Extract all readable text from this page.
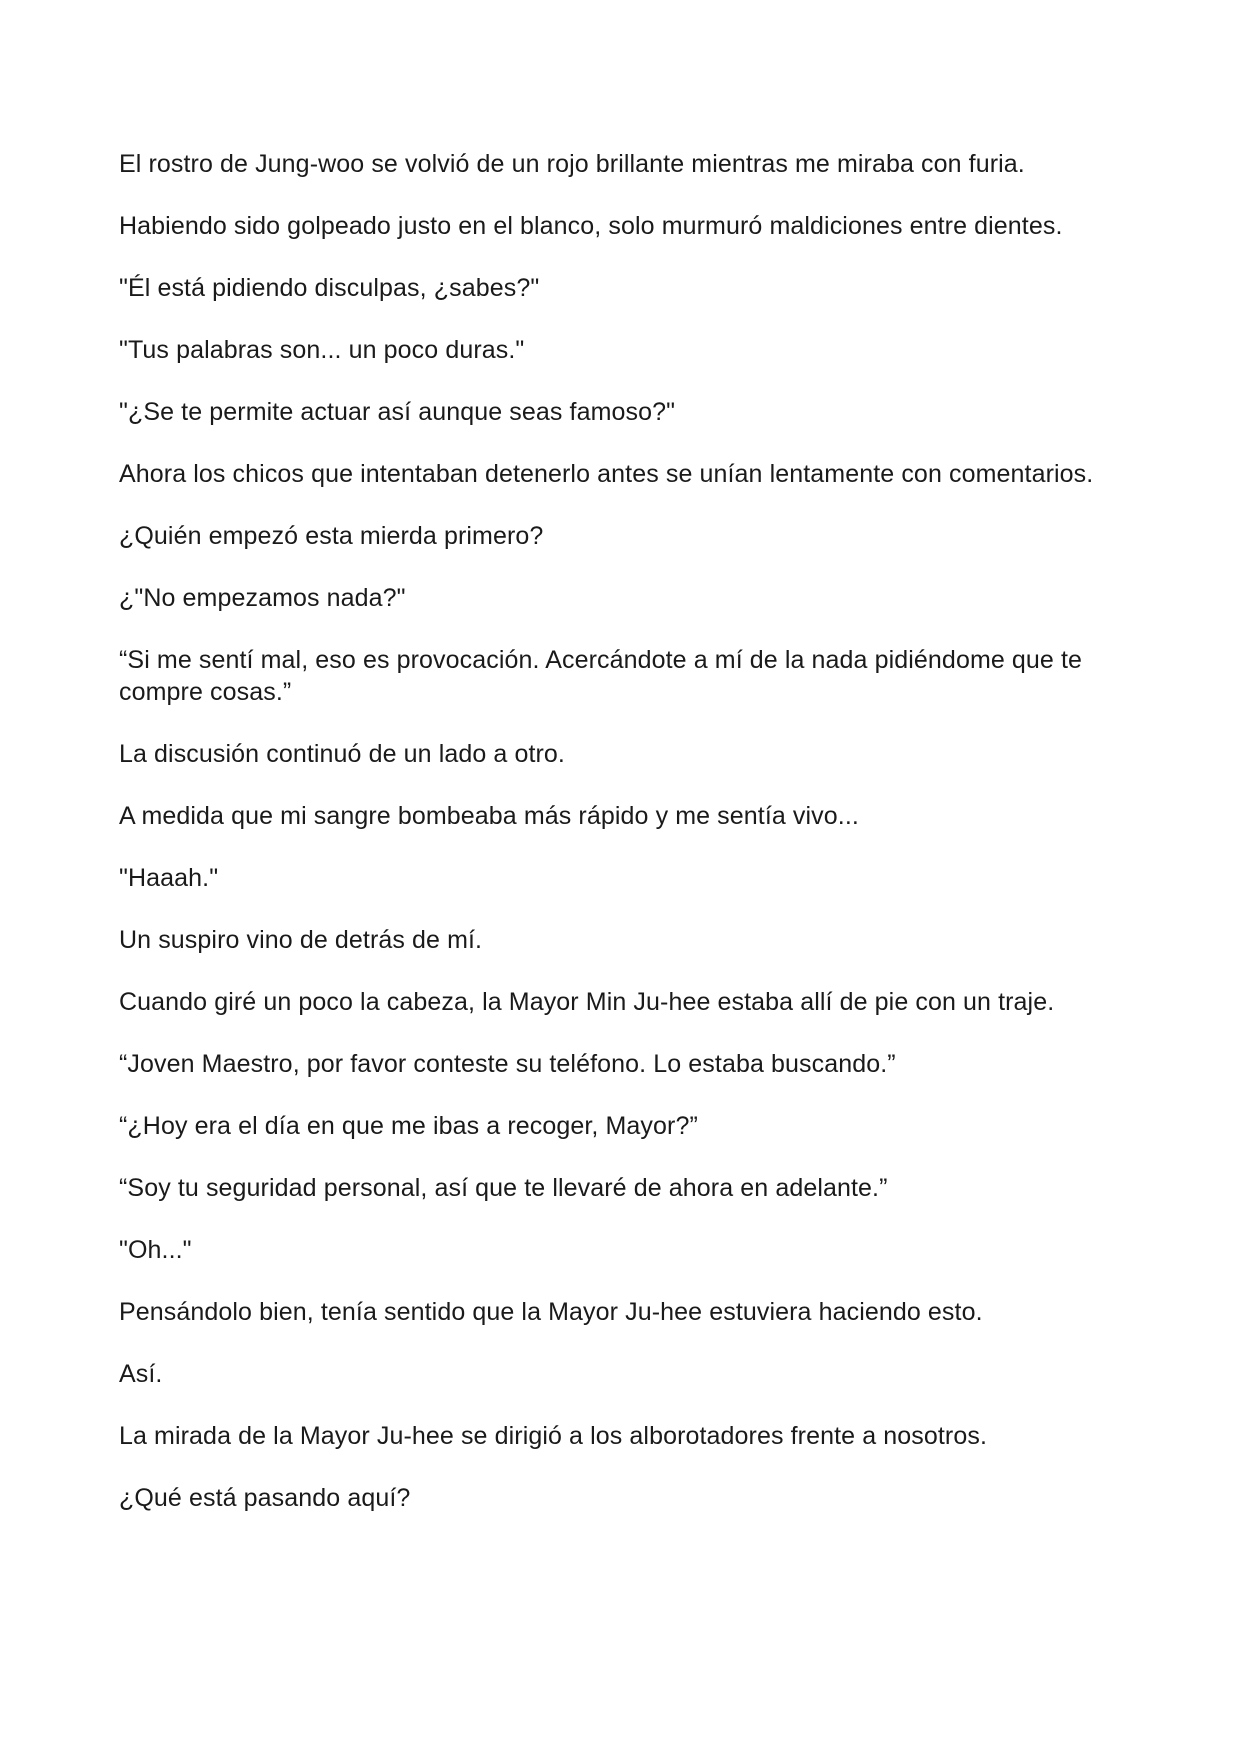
El rostro de Jung-woo se volvió de un rojo brillante mientras me miraba con furia.

Habiendo sido golpeado justo en el blanco, solo murmuró maldiciones entre dientes.

"Él está pidiendo disculpas, ¿sabes?"

"Tus palabras son... un poco duras."

"¿Se te permite actuar así aunque seas famoso?"

Ahora los chicos que intentaban detenerlo antes se unían lentamente con comentarios.

¿Quién empezó esta mierda primero?

¿"No empezamos nada?"

“Si me sentí mal, eso es provocación. Acercándote a mí de la nada pidiéndome que te compre cosas.”

La discusión continuó de un lado a otro.

A medida que mi sangre bombeaba más rápido y me sentía vivo...

"Haaah."

Un suspiro vino de detrás de mí.

Cuando giré un poco la cabeza, la Mayor Min Ju-hee estaba allí de pie con un traje.

“Joven Maestro, por favor conteste su teléfono. Lo estaba buscando.”

“¿Hoy era el día en que me ibas a recoger, Mayor?”

“Soy tu seguridad personal, así que te llevaré de ahora en adelante.”

"Oh..."

Pensándolo bien, tenía sentido que la Mayor Ju-hee estuviera haciendo esto.

Así.

La mirada de la Mayor Ju-hee se dirigió a los alborotadores frente a nosotros.

¿Qué está pasando aquí?
